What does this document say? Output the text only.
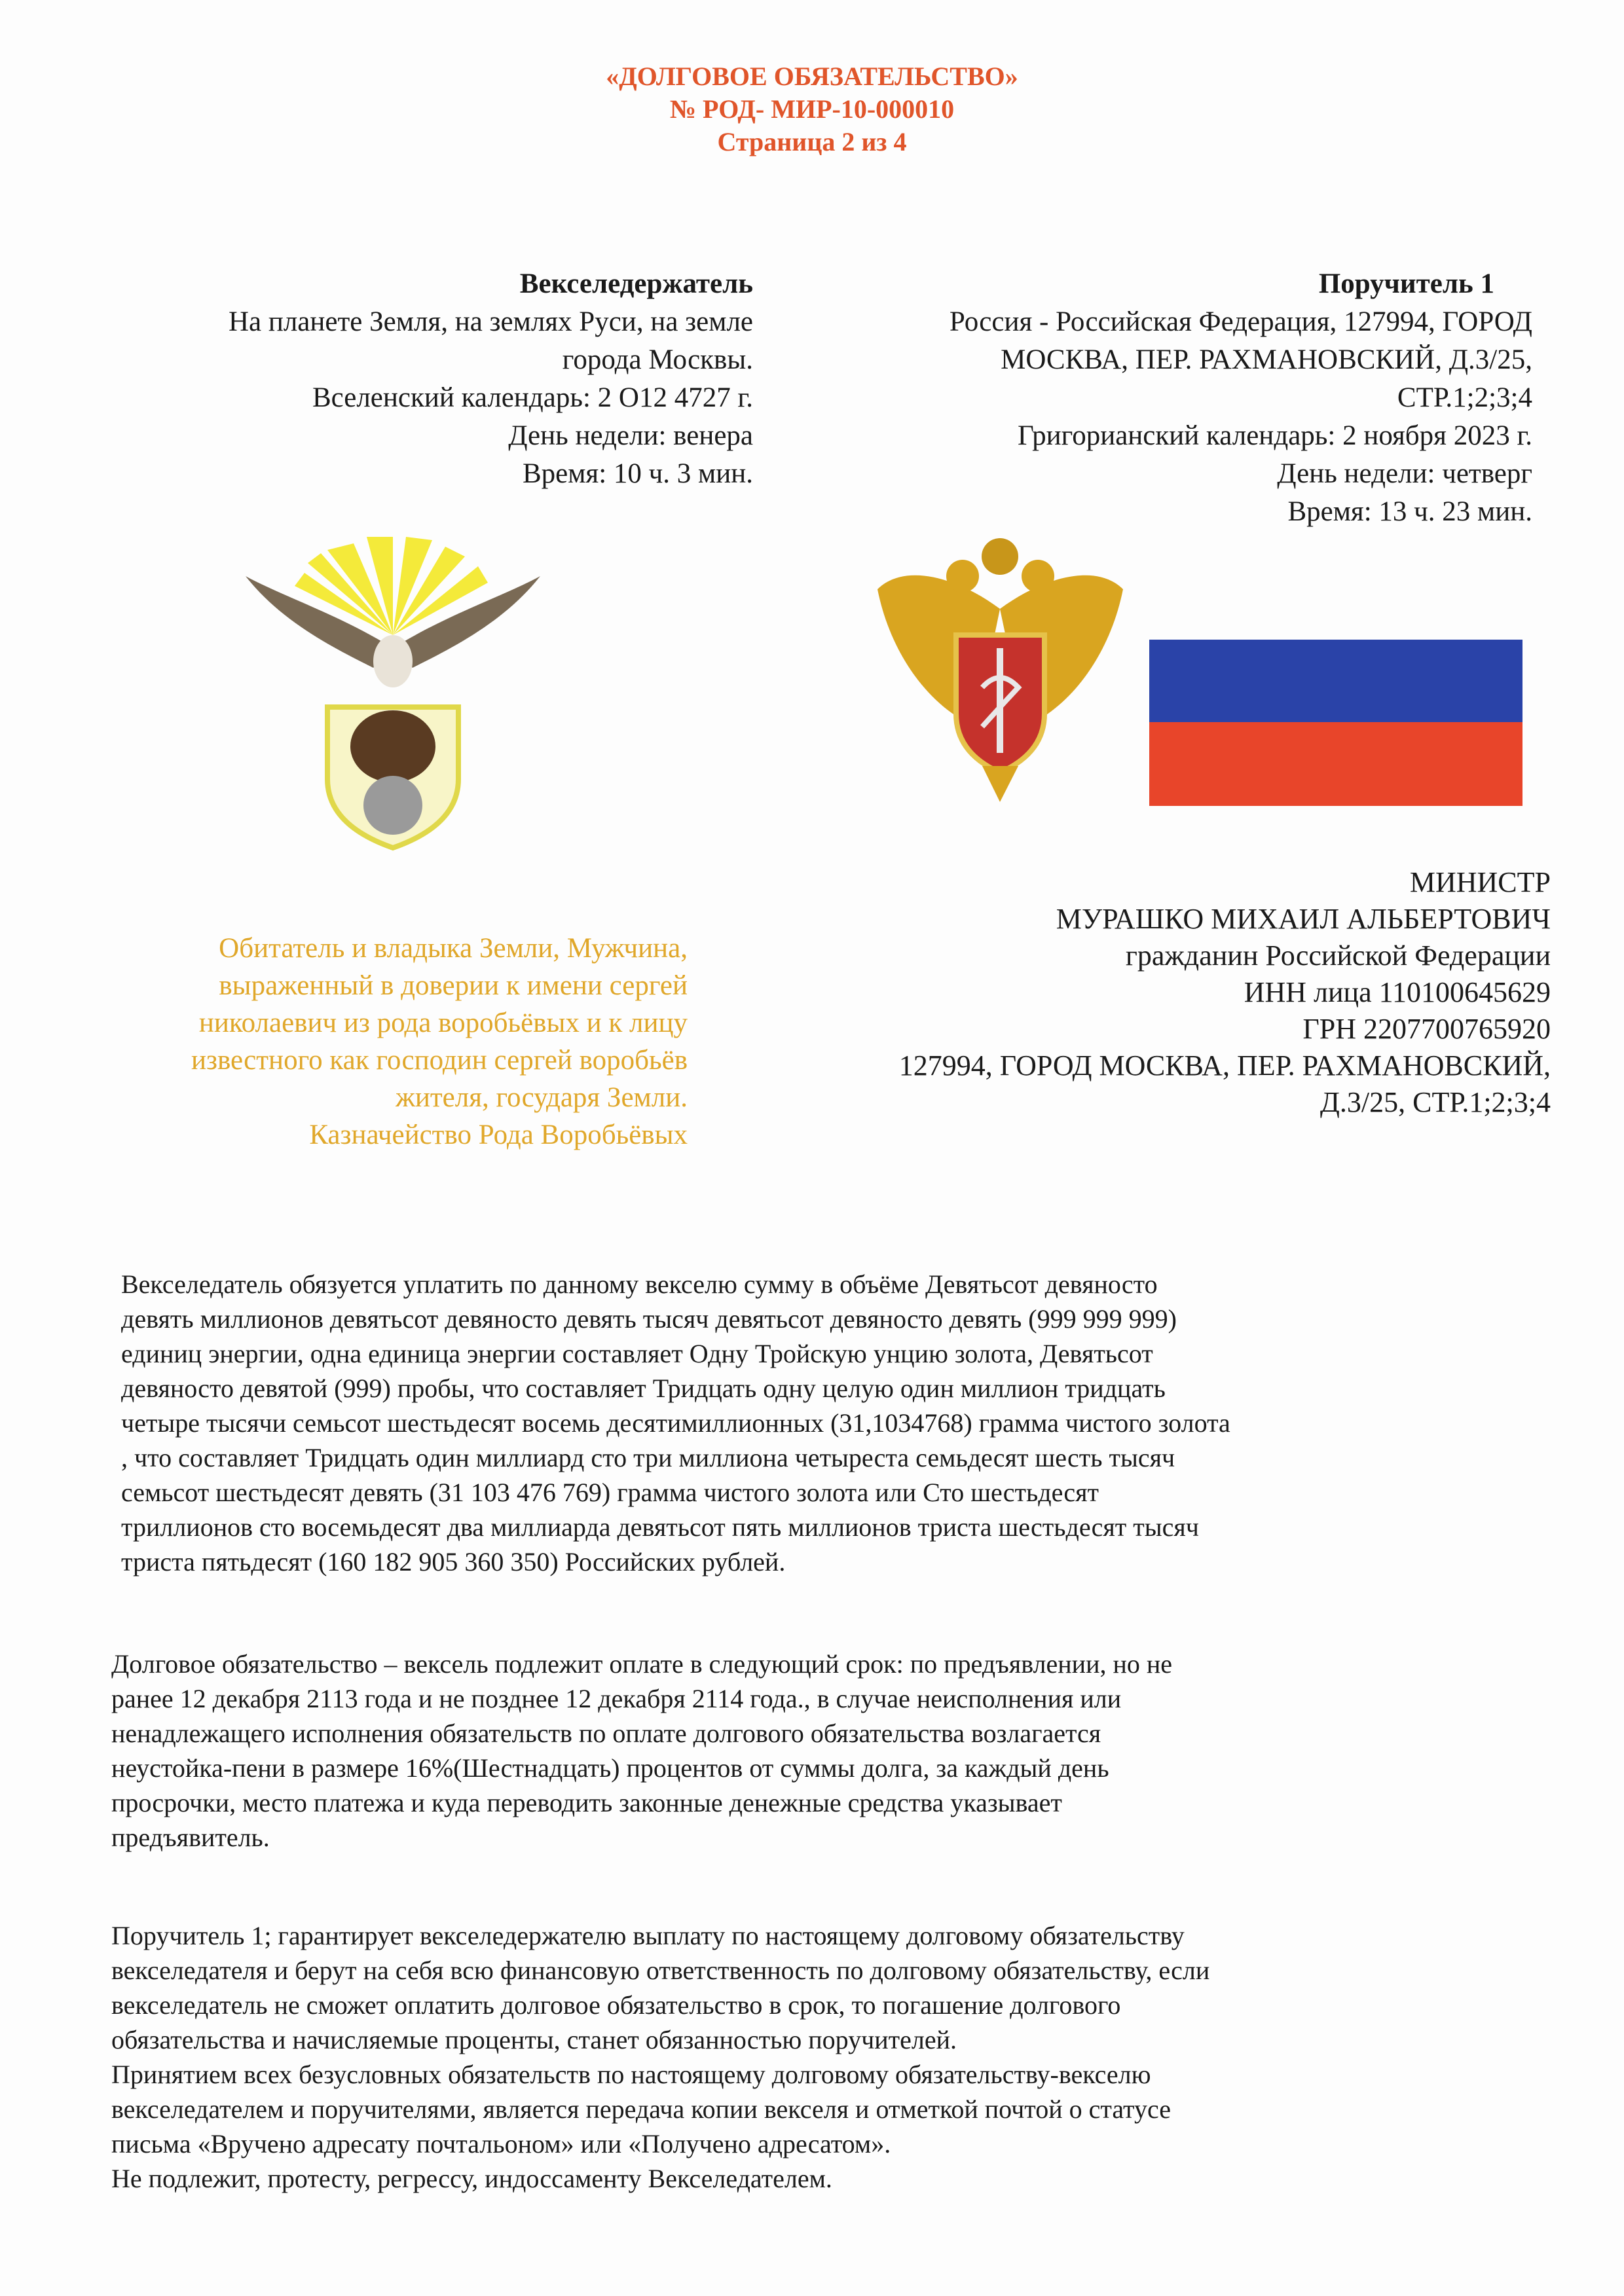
«ДОЛГОВОЕ ОБЯЗАТЕЛЬСТВО»
№ РОД- МИР-10-000010
Страница 2 из 4
Векселедержатель
На планете Земля, на землях Руси, на земле
города Москвы.
Вселенский календарь: 2 О12 4727 г.
День недели: венера
Время: 10 ч. 3 мин.
Поручитель 1
Россия - Российская Федерация, 127994, ГОРОД
МОСКВА, ПЕР. РАХМАНОВСКИЙ, Д.3/25,
СТР.1;2;3;4
Григорианский календарь: 2 ноября 2023 г.
День недели: четверг
Время: 13 ч. 23 мин.
МИНИСТР
МУРАШКО МИХАИЛ АЛЬБЕРТОВИЧ
гражданин Российской Федерации
ИНН лица 110100645629
ГРН 2207700765920
127994, ГОРОД МОСКВА, ПЕР. РАХМАНОВСКИЙ,
Д.3/25, СТР.1;2;3;4
Обитатель и владыка Земли, Мужчина,
выраженный в доверии к имени сергей
николаевич из рода воробьёвых и к лицу
известного как господин сергей воробьёв
жителя, государя Земли.
Казначейство Рода Воробьёвых
Векселедатель обязуется уплатить по данному векселю сумму в объёме Девятьсот девяносто
девять миллионов девятьсот девяносто девять тысяч девятьсот девяносто девять (999 999 999)
единиц энергии, одна единица энергии составляет Одну Тройскую унцию золота, Девятьсот
девяносто девятой (999) пробы, что составляет Тридцать одну целую один миллион тридцать
четыре тысячи семьсот шестьдесят восемь десятимиллионных (31,1034768) грамма чистого золота
, что составляет Тридцать один миллиард сто три миллиона четыреста семьдесят шесть тысяч
семьсот шестьдесят девять (31 103 476 769) грамма чистого золота или Сто шестьдесят
триллионов сто восемьдесят два миллиарда девятьсот пять миллионов триста шестьдесят тысяч
триста пятьдесят (160 182 905 360 350) Российских рублей.
Долговое обязательство – вексель подлежит оплате в следующий срок: по предъявлении, но не
ранее 12 декабря 2113 года и не позднее 12 декабря 2114 года., в случае неисполнения или
ненадлежащего исполнения обязательств по оплате долгового обязательства возлагается
неустойка-пени в размере 16%(Шестнадцать) процентов от суммы долга, за каждый день
просрочки, место платежа и куда переводить законные денежные средства указывает
предъявитель.
Поручитель 1; гарантирует векселедержателю выплату по настоящему долговому обязательству
векселедателя и берут на себя всю финансовую ответственность по долговому обязательству, если
векселедатель не сможет оплатить долговое обязательство в срок, то погашение долгового
обязательства и начисляемые проценты, станет обязанностью поручителей.
Принятием всех безусловных обязательств по настоящему долговому обязательству-векселю
векселедателем и поручителями, является передача копии векселя и отметкой почтой о статусе
письма «Вручено адресату почтальоном» или «Получено адресатом».
Не подлежит, протесту, регрессу, индоссаменту Векселедателем.
